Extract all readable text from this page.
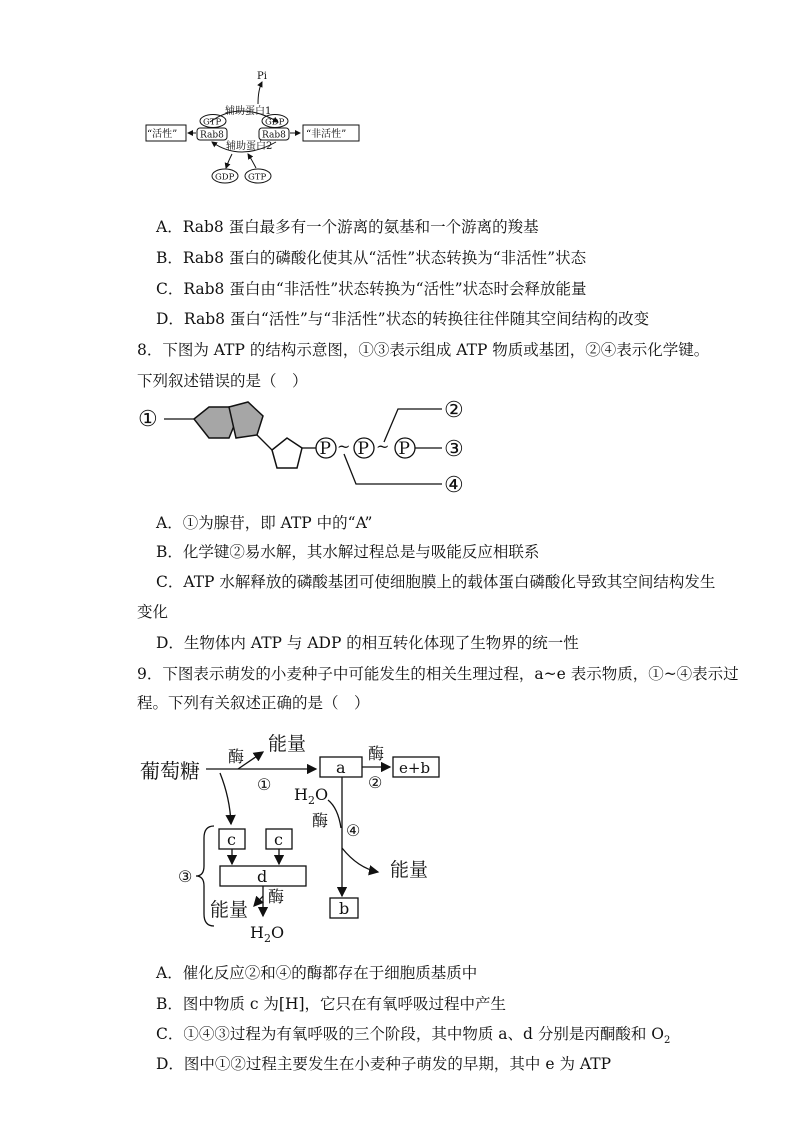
Pi
辅助蛋白1
辅助蛋白2
GTP
Rab8
GDP
Rab8
“活性”	“非活性”
GDP GTP
A．Rab8 蛋白最多有一个游离的氨基和一个游离的羧基
B．Rab8 蛋白的磷酸化使其从“活性”状态转换为“非活性”状态
C．Rab8 蛋白由“非活性”状态转换为“活性”状态时会释放能量
D．Rab8 蛋白“活性”与“非活性”状态的转换往往伴随其空间结构的改变
8．下图为 ATP 的结构示意图，①③表示组成 ATP 物质或基团，②④表示化学键。
下列叙述错误的是（　）
①
P ~ P ~ P ③
②
④
A．①为腺苷，即 ATP 中的“A”
B．化学键②易水解，其水解过程总是与吸能反应相联系
C．ATP 水解释放的磷酸基团可使细胞膜上的载体蛋白磷酸化导致其空间结构发生
变化
D．生物体内 ATP 与 ADP 的相互转化体现了生物界的统一性
9．下图表示萌发的小麦种子中可能发生的相关生理过程，a~e 表示物质，①~④表示过
程。下列有关叙述正确的是（　）
葡萄糖
酶
能量
①
a
酶
②
e+b
$H_2O$
酶
④
能量
b
c c
d
酶
能量
$H_2O$
③
A．催化反应②和④的酶都存在于细胞质基质中
B．图中物质 c 为[H]，它只在有氧呼吸过程中产生
C．①④③过程为有氧呼吸的三个阶段，其中物质 a、d 分别是丙酮酸和 $O_2$
D．图中①②过程主要发生在小麦种子萌发的早期，其中 e 为 ATP
